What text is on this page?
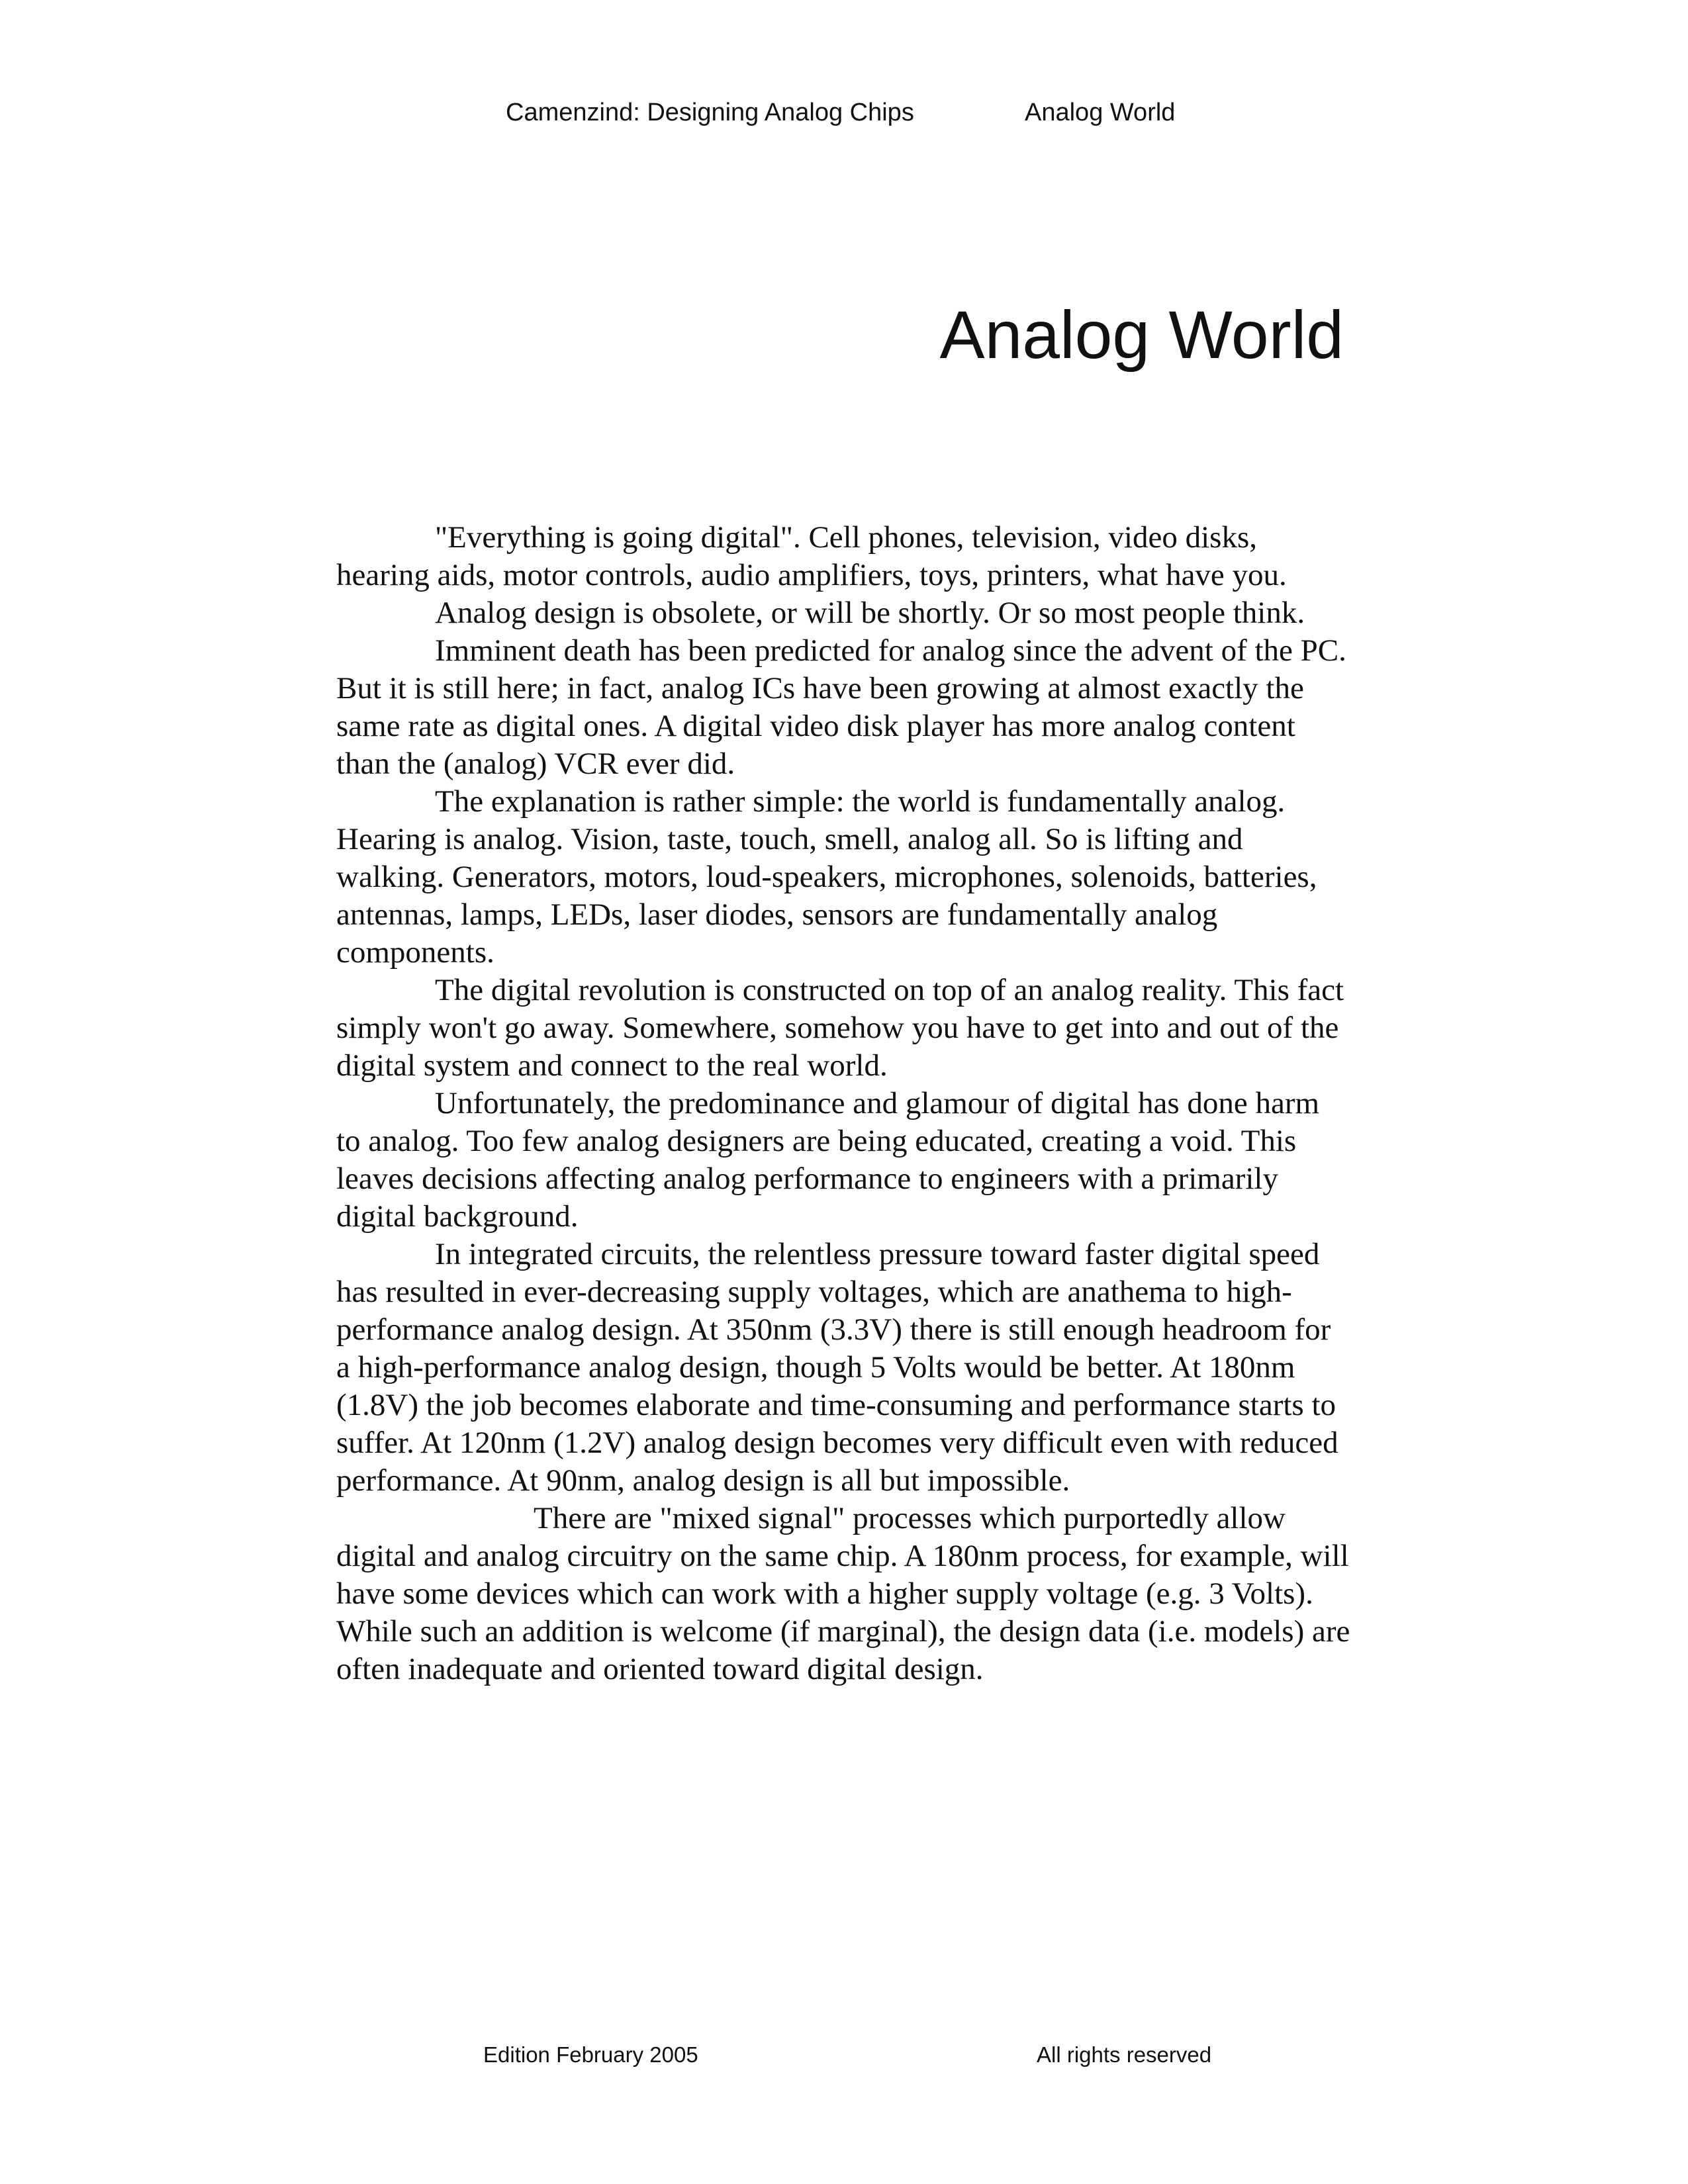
Camenzind: Designing Analog Chips	Analog World
Analog World

"Everything is going digital". Cell phones, television, video disks, hearing aids, motor controls, audio amplifiers, toys, printers, what have you.

Analog design is obsolete, or will be shortly. Or so most people think.

Imminent death has been predicted for analog since the advent of the PC. But it is still here; in fact, analog ICs have been growing at almost exactly the same rate as digital ones. A digital video disk player has more analog content than the (analog) VCR ever did.

The explanation is rather simple: the world is fundamentally analog. Hearing is analog. Vision, taste, touch, smell, analog all. So is lifting and walking. Generators, motors, loud-speakers, microphones, solenoids, batteries, antennas, lamps, LEDs, laser diodes, sensors are fundamentally analog components.

The digital revolution is constructed on top of an analog reality. This fact simply won't go away. Somewhere, somehow you have to get into and out of the digital system and connect to the real world.

Unfortunately, the predominance and glamour of digital has done harm to analog. Too few analog designers are being educated, creating a void. This leaves decisions affecting analog performance to engineers with a primarily digital background.

In integrated circuits, the relentless pressure toward faster digital speed has resulted in ever-decreasing supply voltages, which are anathema to high-performance analog design. At 350nm (3.3V) there is still enough headroom for a high-performance analog design, though 5 Volts would be better. At 180nm (1.8V) the job becomes elaborate and time-consuming and performance starts to suffer. At 120nm (1.2V) analog design becomes very difficult even with reduced performance. At 90nm, analog design is all but impossible.

There are "mixed signal" processes which purportedly allow digital and analog circuitry on the same chip. A 180nm process, for example, will have some devices which can work with a higher supply voltage (e.g. 3 Volts). While such an addition is welcome (if marginal), the design data (i.e. models) are often inadequate and oriented toward digital design.

Edition February 2005	All rights reserved
